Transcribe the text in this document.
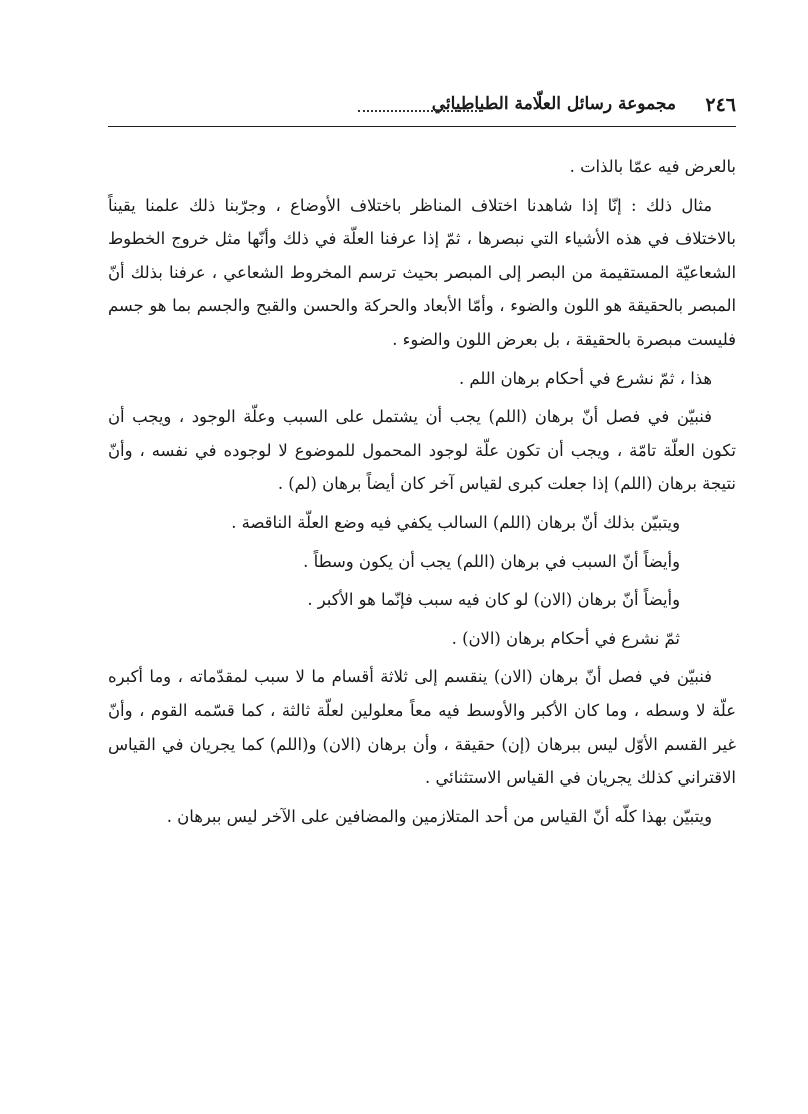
٢٤٦
مجموعة رسائل العلّامة الطباطبائي

بالعرض فيه عمّا بالذات .

مثال ذلك : إنّا إذا شاهدنا اختلاف المناظر باختلاف الأوضاع ، وجرّبنا ذلك علمنا يقيناً بالاختلاف في هذه الأشياء التي نبصرها ، ثمّ إذا عرفنا العلّة في ذلك وأنّها مثل خروج الخطوط الشعاعيّة المستقيمة من البصر إلى المبصر بحيث ترسم المخروط الشعاعي ، عرفنا بذلك أنّ المبصر بالحقيقة هو اللون والضوء ، وأمّا الأبعاد والحركة والحسن والقبح والجسم بما هو جسم فليست مبصرة بالحقيقة ، بل بعرض اللون والضوء .

هذا ، ثمّ نشرع في أحكام برهان اللم .

فنبيّن في فصل أنّ برهان (اللم) يجب أن يشتمل على السبب وعلّة الوجود ، ويجب أن تكون العلّة تامّة ، ويجب أن تكون علّة لوجود المحمول للموضوع لا لوجوده في نفسه ، وأنّ نتيجة برهان (اللم) إذا جعلت كبرى لقياس آخر كان أيضاً برهان (لم) .

ويتبيّن بذلك أنّ برهان (اللم) السالب يكفي فيه وضع العلّة الناقصة .

وأيضاً أنّ السبب في برهان (اللم) يجب أن يكون وسطاً .

وأيضاً أنّ برهان (الان) لو كان فيه سبب فإنّما هو الأكبر .

ثمّ نشرع في أحكام برهان (الان) .

فنبيّن في فصل أنّ برهان (الان) ينقسم إلى ثلاثة أقسام ما لا سبب لمقدّماته ، وما أكبره علّة لا وسطه ، وما كان الأكبر والأوسط فيه معاً معلولين لعلّة ثالثة ، كما قسّمه القوم ، وأنّ غير القسم الأوّل ليس ببرهان (إن) حقيقة ، وأن برهان (الان) و(اللم) كما يجريان في القياس الاقتراني كذلك يجريان في القياس الاستثنائي .

ويتبيّن بهذا كلّه أنّ القياس من أحد المتلازمين والمضافين على الآخر ليس ببرهان .
